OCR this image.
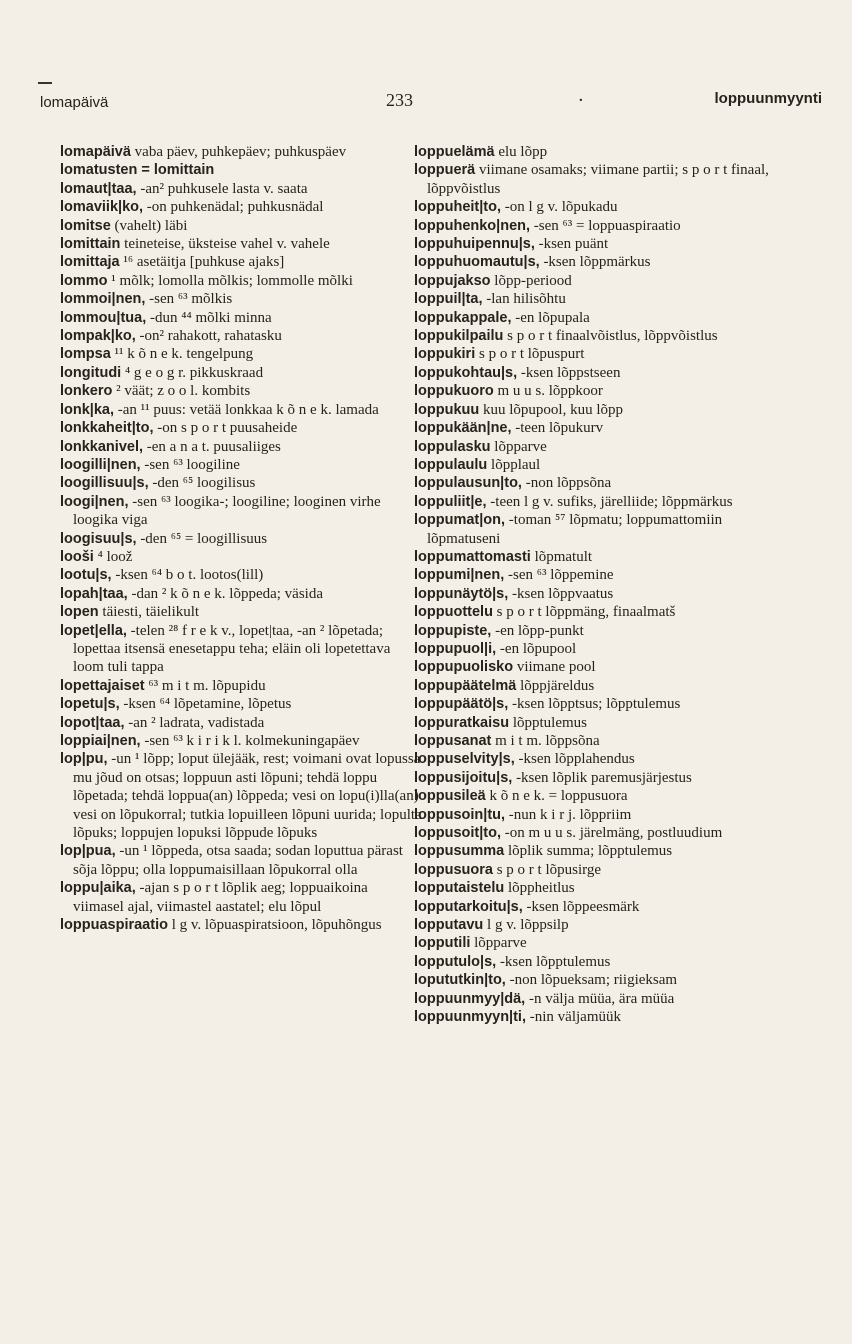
lomapäivä	233	·	loppuunmyynti

lomapäivä vaba päev, puhkepäev; puhkuspäev

lomatusten = lomittain

lomaut|taa, -an² puhkusele lasta v. saata

lomaviik|ko, -on puhkenädal; puhkusnädal

lomitse (vahelt) läbi

lomittain teineteise, üksteise vahel v. vahele

lomittaja ¹⁶ asetäitja [puhkuse ajaks]

lommo ¹ mõlk; lomolla mõlkis; lommolle mõlki

lommoi|nen, -sen ⁶³ mõlkis

lommou|tua, -dun ⁴⁴ mõlki minna

lompak|ko, -on² rahakott, rahatasku

lompsa ¹¹ k õ n e k. tengelpung

longitudi ⁴ g e o g r. pikkuskraad

lonkero ² väät; z o o l. kombits

lonk|ka, -an ¹¹ puus: vetää lonkkaa k õ n e k. lamada

lonkkaheit|to, -on s p o r t puusaheide

lonkkanivel, -en a n a t. puusaliiges

loogilli|nen, -sen ⁶³ loogiline

loogillisuu|s, -den ⁶⁵ loogilisus

loogi|nen, -sen ⁶³ loogika-; loogiline; looginen virhe loogika viga

loogisuu|s, -den ⁶⁵ = loogillisuus

looši ⁴ loož

lootu|s, -ksen ⁶⁴ b o t. lootos(lill)

lopah|taa, -dan ² k õ n e k. lõppeda; väsida

lopen täiesti, täielikult

lopet|ella, -telen ²⁸ f r e k v., lopet|taa, -an ² lõpetada; lopettaa itsensä enesetappu teha; eläin oli lopetettava loom tuli tappa

lopettajaiset ⁶³ m i t m. lõpupidu

lopetu|s, -ksen ⁶⁴ lõpetamine, lõpetus

lopot|taa, -an ² ladrata, vadistada

loppiai|nen, -sen ⁶³ k i r i k l. kolmekuningapäev

lop|pu, -un ¹ lõpp; loput ülejääk, rest; voimani ovat lopussa mu jõud on otsas; loppuun asti lõpuni; tehdä loppu lõpetada; tehdä loppua(an) lõppeda; vesi on lopu(i)lla(an) vesi on lõpukorral; tutkia lopuilleen lõpuni uurida; lopulta lõpuks; loppujen lopuksi lõppude lõpuks

lop|pua, -un ¹ lõppeda, otsa saada; sodan loputtua pärast sõja lõppu; olla loppumaisillaan lõpukorral olla

loppu|aika, -ajan s p o r t lõplik aeg; loppuaikoina viimasel ajal, viimastel aastatel; elu lõpul

loppuaspiraatio l g v. lõpuaspiratsioon, lõpuhõngus

loppuelämä elu lõpp

loppuerä viimane osamaks; viimane partii; s p o r t finaal, lõppvõistlus

loppuheit|to, -on l g v. lõpukadu

loppuhenko|nen, -sen ⁶³ = loppuaspiraatio

loppuhuipennu|s, -ksen puänt

loppuhuomautu|s, -ksen lõppmärkus

loppujakso lõpp-periood

loppuil|ta, -lan hilisõhtu

loppukappale, -en lõpupala

loppukilpailu s p o r t finaalvõistlus, lõppvõistlus

loppukiri s p o r t lõpuspurt

loppukohtau|s, -ksen lõppstseen

loppukuoro m u u s. lõppkoor

loppukuu kuu lõpupool, kuu lõpp

loppukään|ne, -teen lõpukurv

loppulasku lõpparve

loppulaulu lõpplaul

loppulausun|to, -non lõppsõna

loppuliit|e, -teen l g v. sufiks, järelliide; lõppmärkus

loppumat|on, -toman ⁵⁷ lõpmatu; loppumattomiin lõpmatuseni

loppumattomasti lõpmatult

loppumi|nen, -sen ⁶³ lõppemine

loppunäytö|s, -ksen lõppvaatus

loppuottelu s p o r t lõppmäng, finaalmatš

loppupiste, -en lõpp-punkt

loppupuol|i, -en lõpupool

loppupuolisko viimane pool

loppupäätelmä lõppjäreldus

loppupäätö|s, -ksen lõpptsus; lõpptulemus

loppuratkaisu lõpptulemus

loppusanat m i t m. lõppsõna

loppuselvity|s, -ksen lõpplahendus

loppusijoitu|s, -ksen lõplik paremusjärjestus

loppusileä k õ n e k. = loppusuora

loppusoin|tu, -nun k i r j. lõppriim

loppusoit|to, -on m u u s. järelmäng, postluudium

loppusumma lõplik summa; lõpptulemus

loppusuora s p o r t lõpusirge

lopputaistelu lõppheitlus

lopputarkoitu|s, -ksen lõppeesmärk

lopputavu l g v. lõppsilp

lopputili lõpparve

lopputulo|s, -ksen lõpptulemus

lopututkin|to, -non lõpueksam; riigieksam

loppuunmyy|dä, -n välja müüa, ära müüa

loppuunmyyn|ti, -nin väljamüük
